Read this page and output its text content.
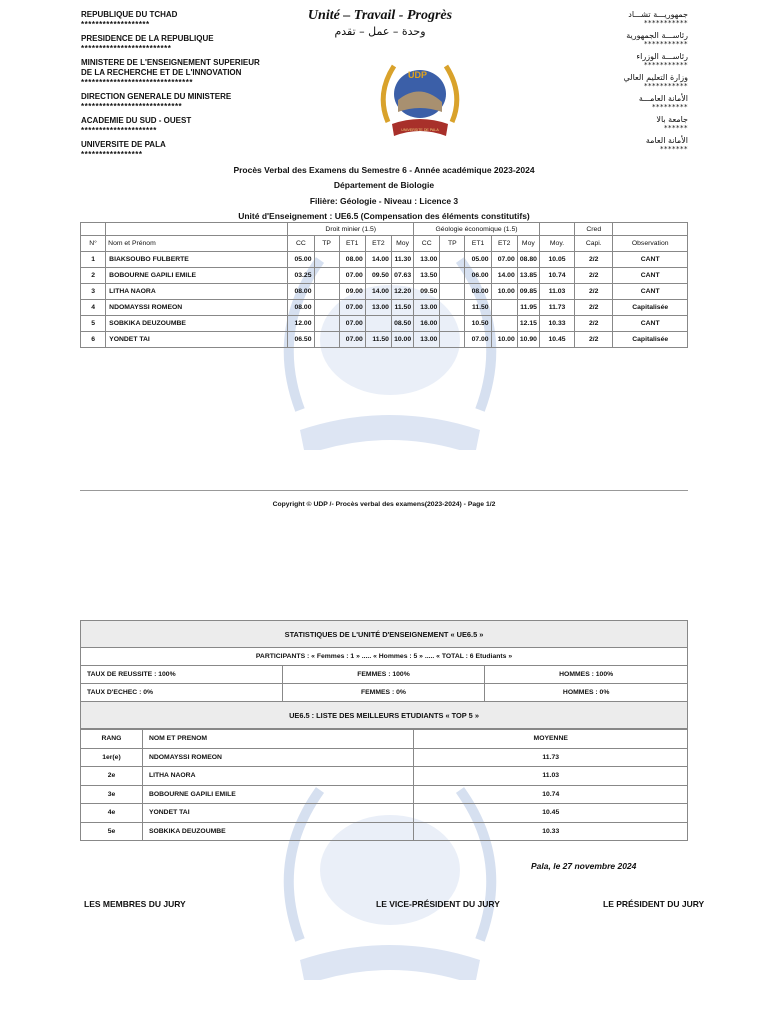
REPUBLIQUE DU TCHAD
*******************
PRESIDENCE DE LA REPUBLIQUE
*************************
MINISTERE DE L'ENSEIGNEMENT SUPERIEUR
DE LA RECHERCHE ET DE L'INNOVATION
*******************************
DIRECTION GENERALE DU MINISTERE
****************************
ACADEMIE DU SUD - OUEST
*********************
UNIVERSITE DE PALA
*****************
Unité – Travail - Progrès
وحدة – عمل – تقدم
UDP
UNIVERSITE DE PALA
جمهوريـــة تشـــاد
***********
رئاســـة الجمهورية
***********
رئاســـة الوزراء
***********
وزارة التعليم العالي
***********
الأمانة العامـــة
*********
جامعة بالا
******
الأمانة العامة
*******
Procès Verbal des Examens du Semestre 6 - Année académique 2023-2024
Département de Biologie
Filière: Géologie - Niveau : Licence 3
Unité d'Enseignement : UE6.5 (Compensation des éléments constitutifs)
		Droit minier (1.5)					Géologie économique (1.5)						Cred	
N°	Nom et Prénom	CC	TP	ET1	ET2	Moy	CC	TP	ET1	ET2	Moy	Moy.	Capi.	Observation
1	BIAKSOUBO FULBERTE	05.00		08.00	14.00	11.30	13.00		05.00	07.00	08.80	10.05	2/2	CANT
2	BOBOURNE GAPILI EMILE	03.25		07.00	09.50	07.63	13.50		06.00	14.00	13.85	10.74	2/2	CANT
3	LITHA NAORA	08.00		09.00	14.00	12.20	09.50		08.00	10.00	09.85	11.03	2/2	CANT
4	NDOMAYSSI ROMEON	08.00		07.00	13.00	11.50	13.00		11.50		11.95	11.73	2/2	Capitalisée
5	SOBKIKA DEUZOUMBE	12.00		07.00		08.50	16.00		10.50		12.15	10.33	2/2	CANT
6	YONDET TAI	06.50		07.00	11.50	10.00	13.00		07.00	10.00	10.90	10.45	2/2	Capitalisée
Copyright © UDP /- Procès verbal des examens(2023-2024) - Page 1/2
STATISTIQUES DE L'UNITÉ D'ENSEIGNEMENT « UE6.5 »		
PARTICIPANTS : « Femmes : 1 » ..... « Hommes : 5 » ..... « TOTAL : 6 Etudiants »		
TAUX DE REUSSITE : 100%	FEMMES : 100%	HOMMES : 100%
TAUX D'ECHEC : 0%	FEMMES : 0%	HOMMES : 0%
UE6.5 : LISTE DES MEILLEURS ETUDIANTS « TOP 5 »		
RANG	NOM ET PRENOM	MOYENNE
1er(e)	NDOMAYSSI ROMEON	11.73
2e	LITHA NAORA	11.03
3e	BOBOURNE GAPILI EMILE	10.74
4e	YONDET TAI	10.45
5e	SOBKIKA DEUZOUMBE	10.33
Pala, le 27 novembre 2024
LES MEMBRES DU JURY	LE VICE-PRÉSIDENT DU JURY	LE PRÉSIDENT DU JURY
